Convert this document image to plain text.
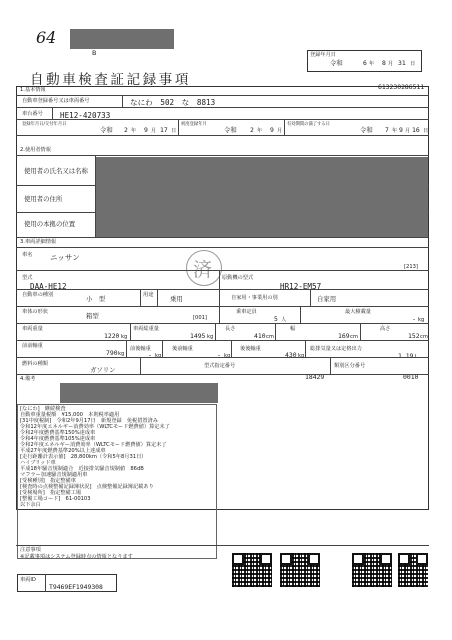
64
B	登録年月日
令和	6 年 8 月 31 日
自動車検査証記録事項	613230286511
1.基本情報
自動車登録番号又は車両番号	なにわ　502　な　8813
車台番号 HE12-420733
登録年月日/交付年月日
令和 2 年 9 月 17 日
初度登録年月
令和 2 年 9 月
有効期間の満了する日
令和 7 年 9 月 16 日
2.使用者情報
使用者の氏名又は名称
使用者の住所
使用の本拠の位置
3.車両詳細情報
車名 ニッサン
済	[213]
型式
DAA-HE12
原動機の型式
HR12-EM57
自動車の種別	小　型	用途	乗用	自家用・事業用の別	自家用
車体の形状	箱型	[001]
乗車定員
5 人
最大積載量
- kg
車両重量
1220 kg
車両総重量
1495 kg
長さ
410 cm
幅
169 cm
高さ
152 cm
前前軸重
790 kg
前後軸重
- kg
後前軸重
- kg
後後軸重
430 kg
総排気量又は定格出力
1.19 L
燃料の種類
ガソリン	型式指定番号
18429
類別区分番号
0010
4.備考
[なにわ]　継続検査
自動車重量税額　¥15,000　本則税率適用
[31中度税制]　令和2年9月17日　新規登録　免税措置済み
令和12年度エネルギー消費効率（WLTCモード燃費値）算定未了
令和2年度燃費基準150%達成車
令和4年度燃費基準105%達成車
令和2年度エネルギー消費効率（WLTCモード燃費値）算定未了
平成27年度燃費基準20%以上達成車
[走行距離計表示値]　28,800km（令和5年8月31日）
ハイブリッド車
平成18年騒音規制適合　近接排気騒音規制値　86dB
マフラー加速騒音規制適用車
[受検種別]　指定整備車
[検査時の点検整備記録簿状況]　点検整備記録簿記載あり
[受検場所]　指定整備工場
[整備工場コード]　61-00103
以下余白
注意事項
※記載事項はシステム登録時点の情報となります
車両ID
T9469EF1949308
